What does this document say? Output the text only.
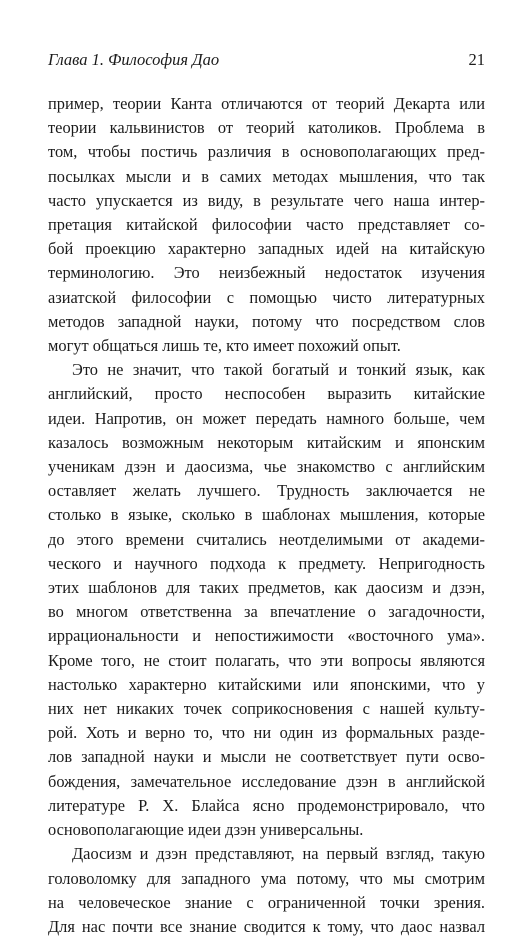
Глава 1. Философия Дао	21

пример, теории Канта отличаются от теорий Декарта или
теории кальвинистов от теорий католиков. Проблема в
том, чтобы постичь различия в основополагающих пред-
посылках мысли и в самих методах мышления, что так
часто упускается из виду, в результате чего наша интер-
претация китайской философии часто представляет со-
бой проекцию характерно западных идей на китайскую
терминологию. Это неизбежный недостаток изучения
азиатской философии с помощью чисто литературных
методов западной науки, потому что посредством слов
могут общаться лишь те, кто имеет похожий опыт.

Это не значит, что такой богатый и тонкий язык, как
английский, просто неспособен выразить китайские
идеи. Напротив, он может передать намного больше, чем
казалось возможным некоторым китайским и японским
ученикам дзэн и даосизма, чье знакомство с английским
оставляет желать лучшего. Трудность заключается не
столько в языке, сколько в шаблонах мышления, которые
до этого времени считались неотделимыми от академи-
ческого и научного подхода к предмету. Непригодность
этих шаблонов для таких предметов, как даосизм и дзэн,
во многом ответственна за впечатление о загадочности,
иррациональности и непостижимости «восточного ума».
Кроме того, не стоит полагать, что эти вопросы являются
настолько характерно китайскими или японскими, что у
них нет никаких точек соприкосновения с нашей культу-
рой. Хоть и верно то, что ни один из формальных разде-
лов западной науки и мысли не соответствует пути осво-
бождения, замечательное исследование дзэн в английской
литературе Р. Х. Блайса ясно продемонстрировало, что
основополагающие идеи дзэн универсальны.

Даосизм и дзэн представляют, на первый взгляд, такую
головоломку для западного ума потому, что мы смотрим
на человеческое знание с ограниченной точки зрения.
Для нас почти все знание сводится к тому, что даос назвал
